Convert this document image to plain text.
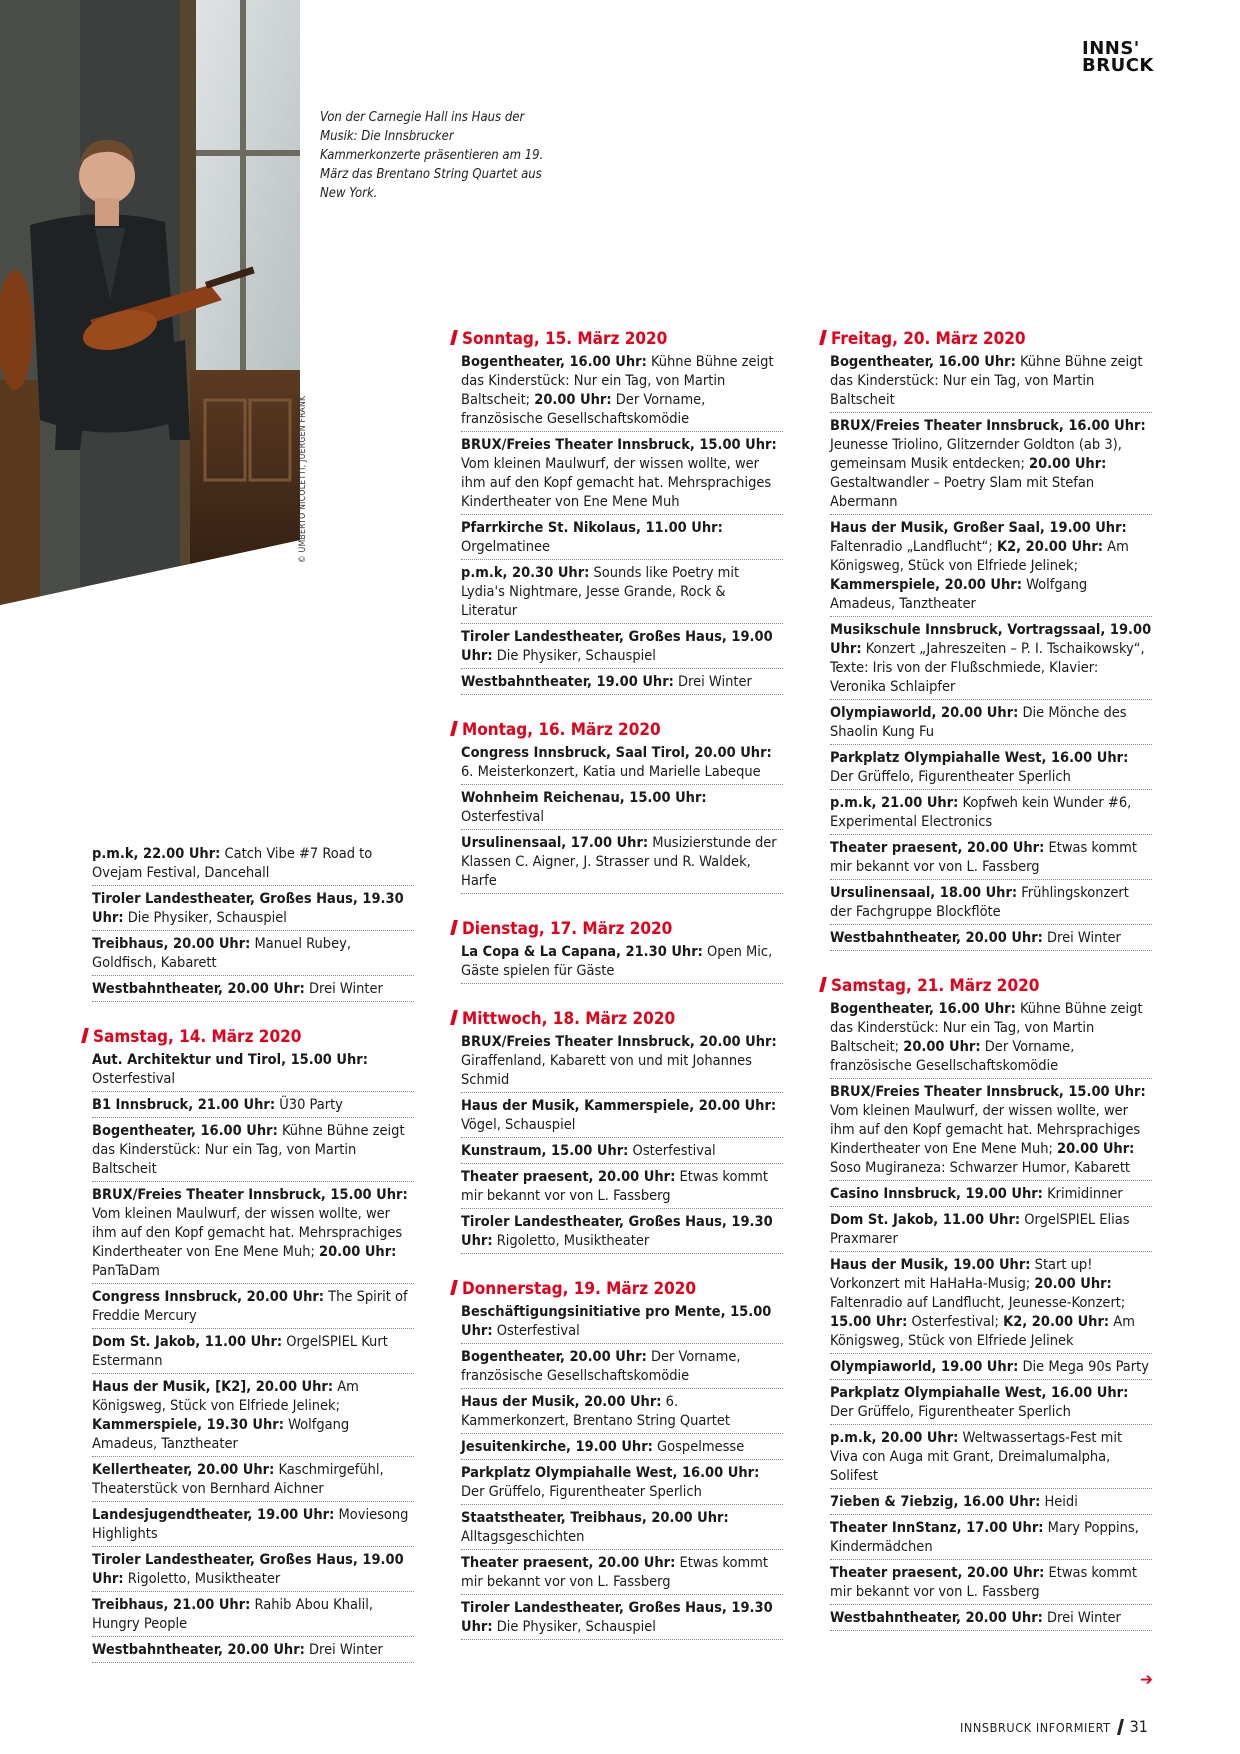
© UMBERTO NICOLETTI, JUERGEN FRANK
Von der Carnegie Hall ins Haus der Musik: Die Innsbrucker Kammerkonzerte präsentieren am 19. März das Brentano String Quartet aus New York.
INNS'
BRUCK
p.m.k, 22.00 Uhr: Catch Vibe #7 Road to Ovejam Festival, Dancehall
Tiroler Landestheater, Großes Haus, 19.30 Uhr: Die Physiker, Schauspiel
Treibhaus, 20.00 Uhr: Manuel Rubey, Goldfisch, Kabarett
Westbahntheater, 20.00 Uhr: Drei Winter
Samstag, 14. März 2020
Aut. Architektur und Tirol, 15.00 Uhr: Osterfestival
B1 Innsbruck, 21.00 Uhr: Ü30 Party
Bogentheater, 16.00 Uhr: Kühne Bühne zeigt das Kinderstück: Nur ein Tag, von Martin Baltscheit
BRUX/Freies Theater Innsbruck, 15.00 Uhr: Vom kleinen Maulwurf, der wissen wollte, wer ihm auf den Kopf gemacht hat. Mehrsprachiges Kindertheater von Ene Mene Muh; 20.00 Uhr: PanTaDam
Congress Innsbruck, 20.00 Uhr: The Spirit of Freddie Mercury
Dom St. Jakob, 11.00 Uhr: OrgelSPIEL Kurt Estermann
Haus der Musik, [K2], 20.00 Uhr: Am Königsweg, Stück von Elfriede Jelinek; Kammerspiele, 19.30 Uhr: Wolfgang Amadeus, Tanztheater
Kellertheater, 20.00 Uhr: Kaschmirgefühl, Theaterstück von Bernhard Aichner
Landesjugendtheater, 19.00 Uhr: Moviesong Highlights
Tiroler Landestheater, Großes Haus, 19.00 Uhr: Rigoletto, Musiktheater
Treibhaus, 21.00 Uhr: Rahib Abou Khalil, Hungry People
Westbahntheater, 20.00 Uhr: Drei Winter
Sonntag, 15. März 2020
Bogentheater, 16.00 Uhr: Kühne Bühne zeigt das Kinderstück: Nur ein Tag, von Martin Baltscheit; 20.00 Uhr: Der Vorname, französische Gesellschaftskomödie
BRUX/Freies Theater Innsbruck, 15.00 Uhr: Vom kleinen Maulwurf, der wissen wollte, wer ihm auf den Kopf gemacht hat. Mehrsprachiges Kindertheater von Ene Mene Muh
Pfarrkirche St. Nikolaus, 11.00 Uhr: Orgelmatinee
p.m.k, 20.30 Uhr: Sounds like Poetry mit Lydia's Nightmare, Jesse Grande, Rock & Literatur
Tiroler Landestheater, Großes Haus, 19.00 Uhr: Die Physiker, Schauspiel
Westbahntheater, 19.00 Uhr: Drei Winter
Montag, 16. März 2020
Congress Innsbruck, Saal Tirol, 20.00 Uhr: 6. Meisterkonzert, Katia und Marielle Labeque
Wohnheim Reichenau, 15.00 Uhr: Osterfestival
Ursulinensaal, 17.00 Uhr: Musizierstunde der Klassen C. Aigner, J. Strasser und R. Waldek, Harfe
Dienstag, 17. März 2020
La Copa & La Capana, 21.30 Uhr: Open Mic, Gäste spielen für Gäste
Mittwoch, 18. März 2020
BRUX/Freies Theater Innsbruck, 20.00 Uhr: Giraffenland, Kabarett von und mit Johannes Schmid
Haus der Musik, Kammerspiele, 20.00 Uhr: Vögel, Schauspiel
Kunstraum, 15.00 Uhr: Osterfestival
Theater praesent, 20.00 Uhr: Etwas kommt mir bekannt vor von L. Fassberg
Tiroler Landestheater, Großes Haus, 19.30 Uhr: Rigoletto, Musiktheater
Donnerstag, 19. März 2020
Beschäftigungsinitiative pro Mente, 15.00 Uhr: Osterfestival
Bogentheater, 20.00 Uhr: Der Vorname, französische Gesellschaftskomödie
Haus der Musik, 20.00 Uhr: 6. Kammerkonzert, Brentano String Quartet
Jesuitenkirche, 19.00 Uhr: Gospelmesse
Parkplatz Olympiahalle West, 16.00 Uhr: Der Grüffelo, Figurentheater Sperlich
Staatstheater, Treibhaus, 20.00 Uhr: Alltagsgeschichten
Theater praesent, 20.00 Uhr: Etwas kommt mir bekannt vor von L. Fassberg
Tiroler Landestheater, Großes Haus, 19.30 Uhr: Die Physiker, Schauspiel
Freitag, 20. März 2020
Bogentheater, 16.00 Uhr: Kühne Bühne zeigt das Kinderstück: Nur ein Tag, von Martin Baltscheit
BRUX/Freies Theater Innsbruck, 16.00 Uhr: Jeunesse Triolino, Glitzernder Goldton (ab 3), gemeinsam Musik entdecken; 20.00 Uhr: Gestaltwandler – Poetry Slam mit Stefan Abermann
Haus der Musik, Großer Saal, 19.00 Uhr: Faltenradio „Landflucht“; K2, 20.00 Uhr: Am Königsweg, Stück von Elfriede Jelinek; Kammerspiele, 20.00 Uhr: Wolfgang Amadeus, Tanztheater
Musikschule Innsbruck, Vortragssaal, 19.00 Uhr: Konzert „Jahreszeiten – P. I. Tschaikowsky“, Texte: Iris von der Flußschmiede, Klavier: Veronika Schlaipfer
Olympiaworld, 20.00 Uhr: Die Mönche des Shaolin Kung Fu
Parkplatz Olympiahalle West, 16.00 Uhr: Der Grüffelo, Figurentheater Sperlich
p.m.k, 21.00 Uhr: Kopfweh kein Wunder #6, Experimental Electronics
Theater praesent, 20.00 Uhr: Etwas kommt mir bekannt vor von L. Fassberg
Ursulinensaal, 18.00 Uhr: Frühlingskonzert der Fachgruppe Blockflöte
Westbahntheater, 20.00 Uhr: Drei Winter
Samstag, 21. März 2020
Bogentheater, 16.00 Uhr: Kühne Bühne zeigt das Kinderstück: Nur ein Tag, von Martin Baltscheit; 20.00 Uhr: Der Vorname, französische Gesellschaftskomödie
BRUX/Freies Theater Innsbruck, 15.00 Uhr: Vom kleinen Maulwurf, der wissen wollte, wer ihm auf den Kopf gemacht hat. Mehrsprachiges Kindertheater von Ene Mene Muh; 20.00 Uhr: Soso Mugiraneza: Schwarzer Humor, Kabarett
Casino Innsbruck, 19.00 Uhr: Krimidinner
Dom St. Jakob, 11.00 Uhr: OrgelSPIEL Elias Praxmarer
Haus der Musik, 19.00 Uhr: Start up! Vorkonzert mit HaHaHa-Musig; 20.00 Uhr: Faltenradio auf Landflucht, Jeunesse-Konzert; 15.00 Uhr: Osterfestival; K2, 20.00 Uhr: Am Königsweg, Stück von Elfriede Jelinek
Olympiaworld, 19.00 Uhr: Die Mega 90s Party
Parkplatz Olympiahalle West, 16.00 Uhr: Der Grüffelo, Figurentheater Sperlich
p.m.k, 20.00 Uhr: Weltwassertags-Fest mit Viva con Auga mit Grant, Dreimalumalpha, Solifest
7ieben & 7iebzig, 16.00 Uhr: Heidi
Theater InnStanz, 17.00 Uhr: Mary Poppins, Kindermädchen
Theater praesent, 20.00 Uhr: Etwas kommt mir bekannt vor von L. Fassberg
Westbahntheater, 20.00 Uhr: Drei Winter
➔
INNSBRUCK INFORMIERT 31
